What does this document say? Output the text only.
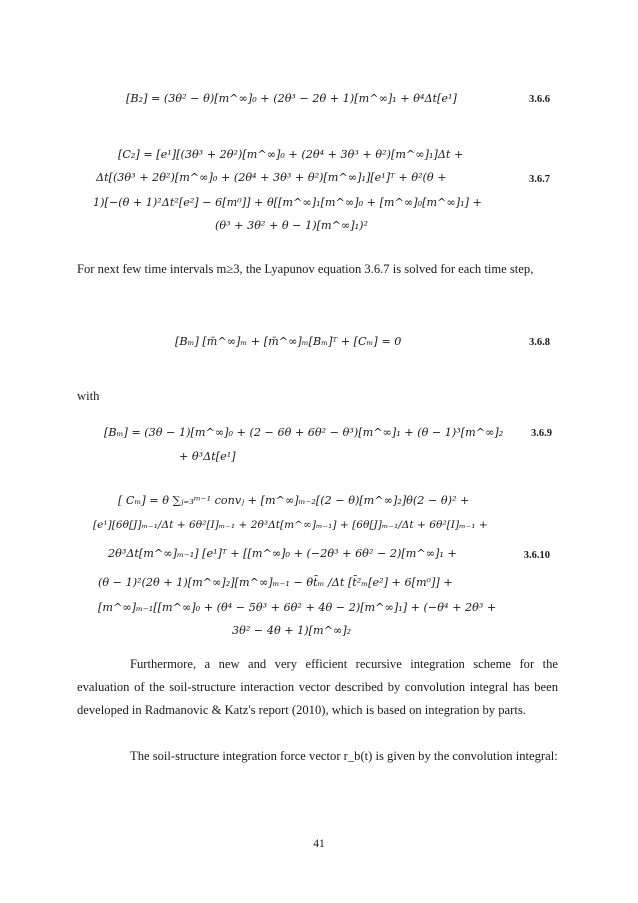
[B₂] = (3θ² − θ)[m^∞]₀ + (2θ³ − 2θ + 1)[m^∞]₁ + θ⁴Δt[e¹]	3.6.6
[C₂] = [e¹][(3θ³ + 2θ²)[m^∞]₀ + (2θ⁴ + 3θ³ + θ²)[m^∞]₁]Δt +
Δt[(3θ³ + 2θ²)[m^∞]₀ + (2θ⁴ + 3θ³ + θ²)[m^∞]₁][e¹]ᵀ + θ²(θ +	3.6.7
1)[−(θ + 1)²Δt²[e²] − 6[m⁰]] + θ[[m^∞]₁[m^∞]₀ + [m^∞]₀[m^∞]₁] +
(θ³ + 3θ² + θ − 1)[m^∞]₁)²

For next few time intervals m≥3, the Lyapunov equation 3.6.7 is solved for each time step,

[Bₘ] [m̄^∞]ₘ + [m̄^∞]ₘ[Bₘ]ᵀ + [Cₘ] = 0	3.6.8

with

[Bₘ] = (3θ − 1)[m^∞]₀ + (2 − 6θ + 6θ² − θ³)[m^∞]₁ + (θ − 1)³[m^∞]₂	3.6.9
+ θ³Δt[e¹]
[ Cₘ] = θ ∑ⱼ₌₃ᵐ⁻¹ convⱼ + [m^∞]ₘ₋₂[(2 − θ)[m^∞]₂]θ(2 − θ)² +
[e¹][6θ[J]ₘ₋₁/Δt + 6θ²[I]ₘ₋₁ + 2θ³Δt[m^∞]ₘ₋₁] + [6θ[J]ₘ₋₁/Δt + 6θ²[I]ₘ₋₁ +
2θ³Δt[m^∞]ₘ₋₁] [e¹]ᵀ + [[m^∞]₀ + (−2θ³ + 6θ² − 2)[m^∞]₁ +	3.6.10
(θ − 1)²(2θ + 1)[m^∞]₂][m^∞]ₘ₋₁ − θt̄ₘ /Δt [t̄²ₘ[e²] + 6[m⁰]] +
[m^∞]ₘ₋₁[[m^∞]₀ + (θ⁴ − 5θ³ + 6θ² + 4θ − 2)[m^∞]₁] + (−θ⁴ + 2θ³ +
3θ² − 4θ + 1)[m^∞]₂

Furthermore, a new and very efficient recursive integration scheme for the evaluation of the soil-structure interaction vector described by convolution integral has been developed in Radmanovic & Katz's report (2010), which is based on integration by parts.

The soil-structure integration force vector r_b(t) is given by the convolution integral:

41
